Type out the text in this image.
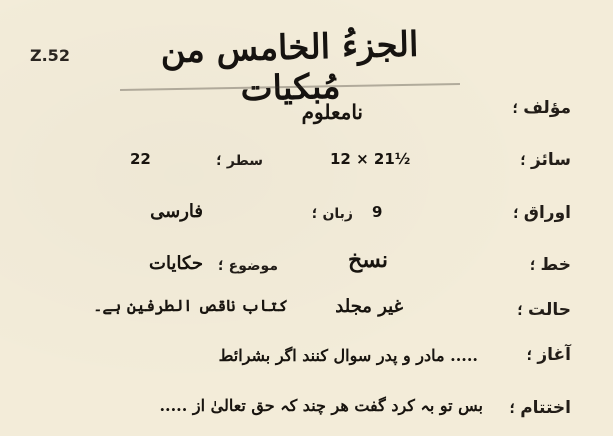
Z.52	الجزءُ الخامس من مُبکیات	مؤلف ؛
نامعلوم
سائز ؛
12 × 21½
سطر ؛
22
اوراق ؛
9
زبان ؛
فارسی
خط ؛
نسخ
موضوع ؛
حکایات
حالت ؛
غیر مجلد
کتاب ناقص الطرفین ہے۔
آغاز ؛
..... مادر و پدر سوال کنند اگر بشرائط
اختتام ؛
بس تو بہ کرد گفت ھر چند کہ حق تعالیٰ از .....
